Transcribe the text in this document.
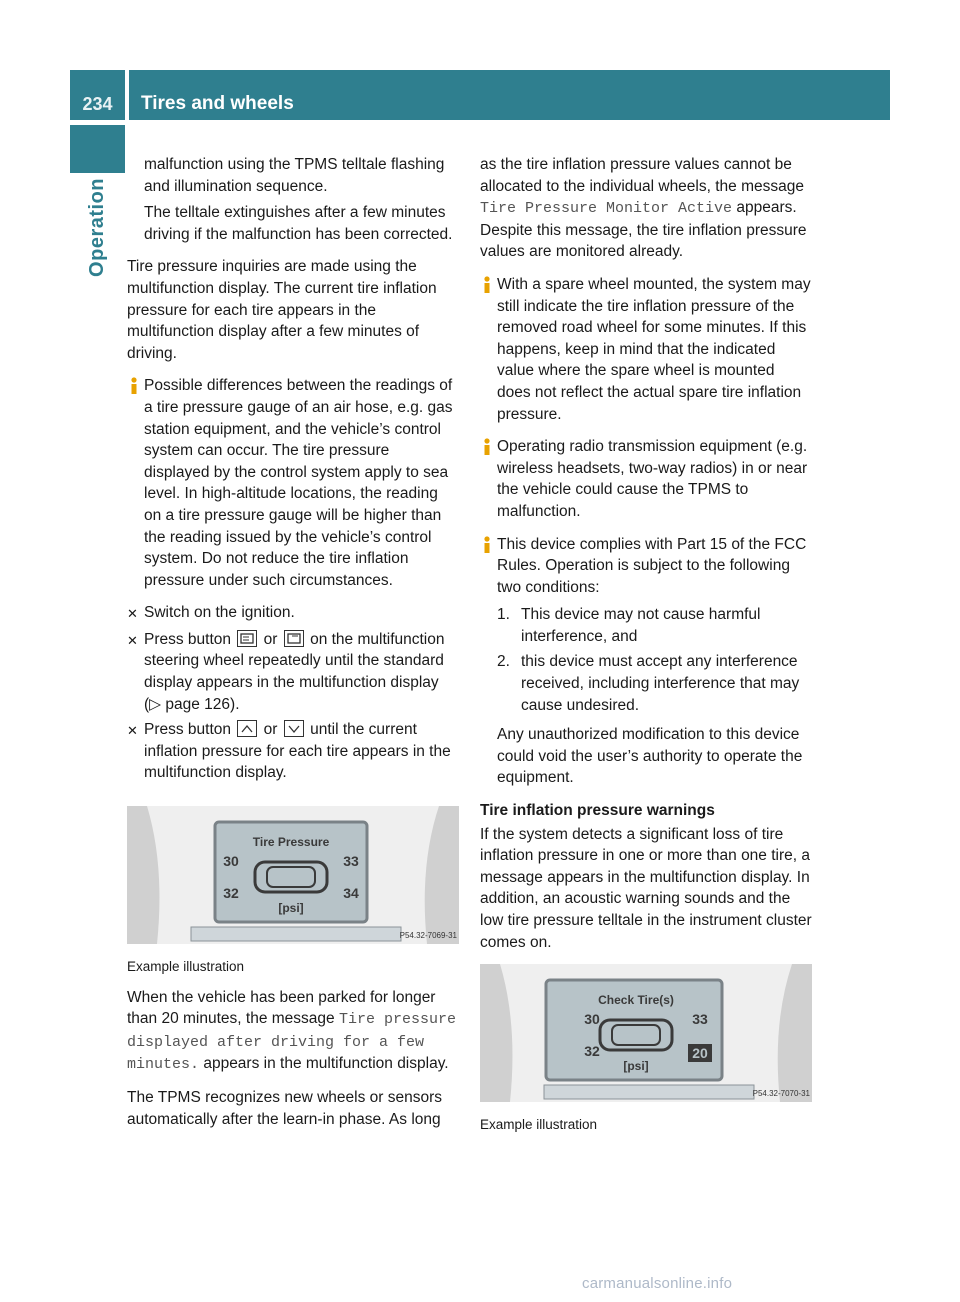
234	Tires and wheels
Operation

malfunction using the TPMS telltale flashing and illumination sequence.

The telltale extinguishes after a few minutes driving if the malfunction has been corrected.

Tire pressure inquiries are made using the multifunction display. The current tire inflation pressure for each tire appears in the multifunction display after a few minutes of driving.

Possible differences between the readings of a tire pressure gauge of an air hose, e.g. gas station equipment, and the vehicle’s control system can occur. The tire pressure displayed by the control system apply to sea level. In high-altitude locations, the reading on a tire pressure gauge will be higher than the reading issued by the vehicle’s control system. Do not reduce the tire inflation pressure under such circumstances.
✕ Switch on the ignition.
✕ Press button or on the multifunction steering wheel repeatedly until the standard display appears in the multifunction display (▷ page 126).
✕ Press button or until the current inflation pressure for each tire appears in the multifunction display.
Tire Pressure
30	33
32	34
[psi]
P54.32-7069-31
Example illustration

When the vehicle has been parked for longer than 20 minutes, the message Tire pressure displayed after driving for a few minutes. appears in the multifunction display.

The TPMS recognizes new wheels or sensors automatically after the learn-in phase. As long

as the tire inflation pressure values cannot be allocated to the individual wheels, the message Tire Pressure Monitor Active appears. Despite this message, the tire inflation pressure values are monitored already.

With a spare wheel mounted, the system may still indicate the tire inflation pressure of the removed road wheel for some minutes. If this happens, keep in mind that the indicated value where the spare wheel is mounted does not reflect the actual spare tire inflation pressure.
Operating radio transmission equipment (e.g. wireless headsets, two-way radios) in or near the vehicle could cause the TPMS to malfunction.
This device complies with Part 15 of the FCC Rules. Operation is subject to the following two conditions:
1. This device may not cause harmful interference, and
2. this device must accept any interference received, including interference that may cause undesired.

Any unauthorized modification to this device could void the user’s authority to operate the equipment.

Tire inflation pressure warnings

If the system detects a significant loss of tire inflation pressure in one or more than one tire, a message appears in the multifunction display. In addition, an acoustic warning sounds and the low tire pressure telltale in the instrument cluster comes on.

Check Tire(s)
30	33
32	20
[psi]
P54.32-7070-31
Example illustration
carmanualsonline.info
